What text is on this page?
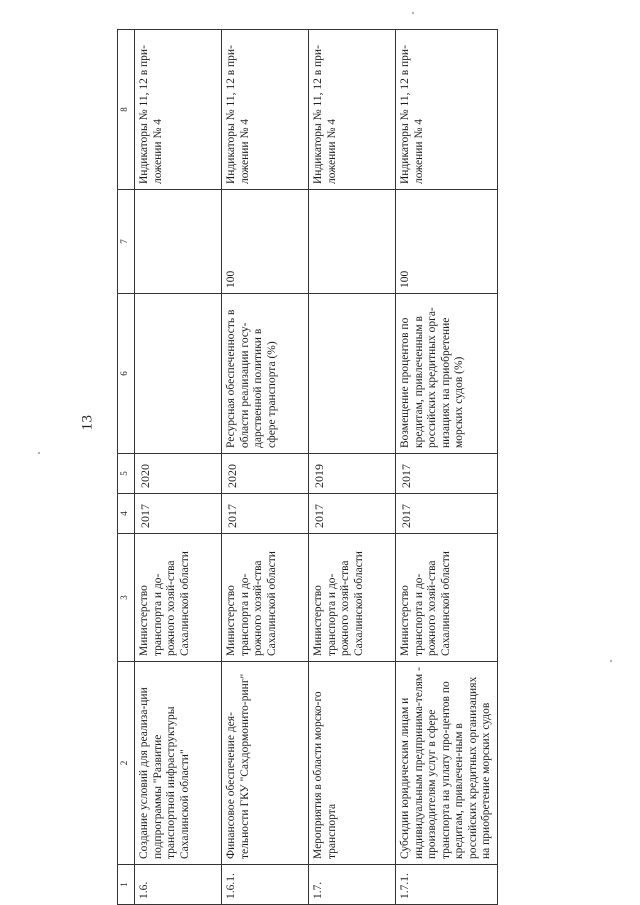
13
1	2	3	4	5	6	7	8
1.6.	Создание условий для реализа-ции подпрограммы "Развитие транспортной инфраструктуры Сахалинской области"	Министерство транспорта и до-рожного хозяй-ства Сахалинской области	2017	2020			Индикаторы № 11, 12 в при-ложении № 4
1.6.1.	Финансовое обеспечение дея-тельности ГКУ "Сахдормонито-ринг"	Министерство транспорта и до-рожного хозяй-ства Сахалинской области	2017	2020	Ресурсная обеспеченность в области реализации госу-дарственной политики в сфере транспорта (%)	100	Индикаторы № 11, 12 в при-ложении № 4
1.7.	Мероприятия в области морско-го транспорта	Министерство транспорта и до-рожного хозяй-ства Сахалинской области	2017	2019			Индикаторы № 11, 12 в при-ложении № 4
1.7.1.	Субсидии юридическим лицам и индивидуальным предпринима-телям - производителям услуг в сфере транспорта на уплату про-центов по кредитам, привлечен-ным в российских кредитных организациях на приобретение морских судов	Министерство транспорта и до-рожного хозяй-ства Сахалинской области	2017	2017	Возмещение процентов по кредитам, привлеченным в российских кредитных орга-низациях на приобретение морских судов (%)	100	Индикаторы № 11, 12 в при-ложении № 4
